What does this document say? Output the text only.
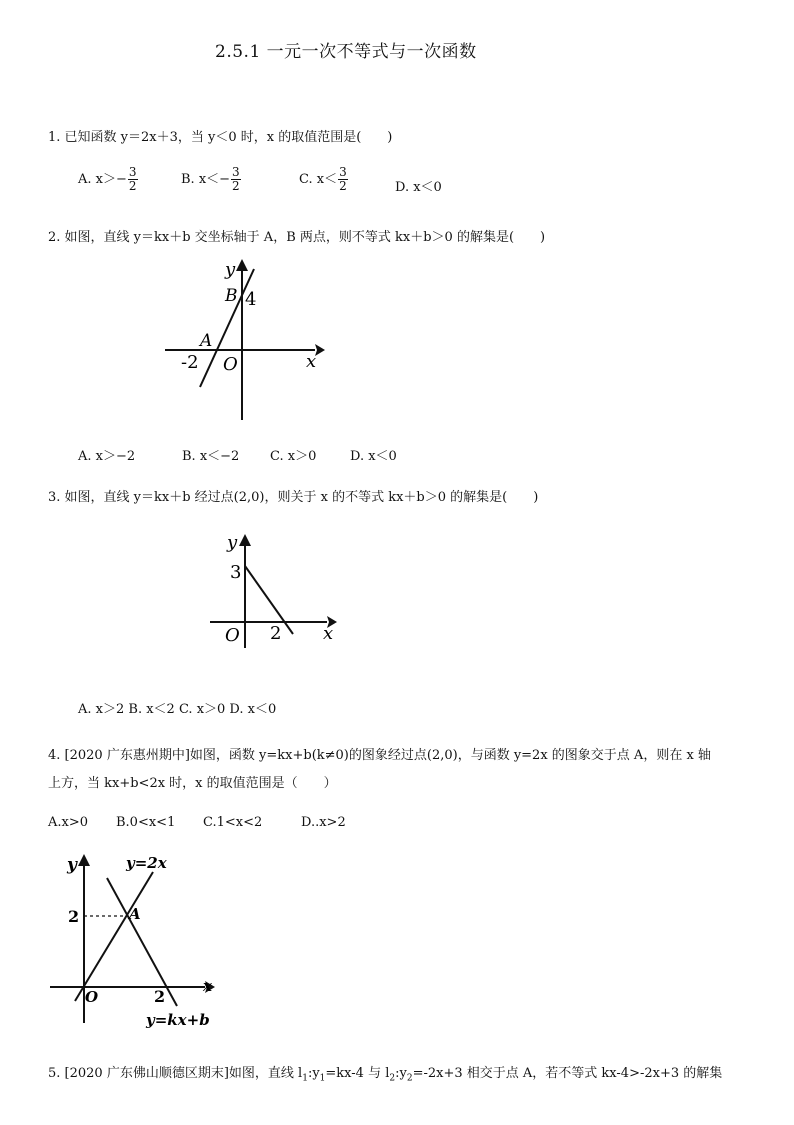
2.5.1 一元一次不等式与一次函数
1. 已知函数 y＝2x＋3，当 y＜0 时，x 的取值范围是(　　)
A. $x>- \frac{3}{2}$	B. $x<- \frac{3}{2}$	C. $x< \frac{3}{2}$	D. x＜0
2. 如图，直线 y＝kx＋b 交坐标轴于 A，B 两点，则不等式 kx＋b＞0 的解集是(　　)
y
x
B 4
A
-2 O
A. x＞−2	B. x＜−2 C. x＞0	D. x＜0
3. 如图，直线 y＝kx＋b 经过点(2,0)，则关于 x 的不等式 kx＋b＞0 的解集是(　　)
y
x
3
O 2
A. x＞2 B. x＜2 C. x＞0 D. x＜0
4. [2020 广东惠州期中]如图，函数 y=kx+b(k≠0)的图象经过点(2,0)，与函数 y=2x 的图象交于点 A，则在 x 轴
上方，当 kx+b<2x 时，x 的取值范围是（　　）
A.x>0 B.0<x<1 C.1<x<2	D..x>2
y	y=2x
2	A
O	2
x
y=kx+b
5. [2020 广东佛山顺德区期末]如图，直线 $l_1:y_1=kx-4$ 与 $l_2:y_2=-2x+3$ 相交于点 A，若不等式 kx-4>-2x+3 的解集
